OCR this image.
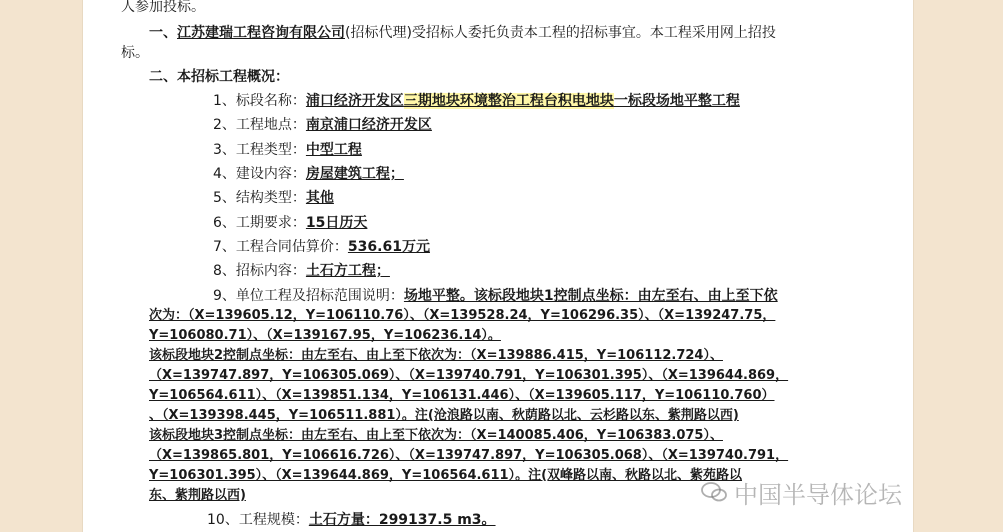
人参加投标。
一、江苏建瑞工程咨询有限公司(招标代理)受招标人委托负责本工程的招标事宜。本工程采用网上招投
标。
二、本招标工程概况：
1、标段名称：浦口经济开发区三期地块环境整治工程台积电地块一标段场地平整工程
2、工程地点：南京浦口经济开发区
3、工程类型：中型工程
4、建设内容：房屋建筑工程；
5、结构类型：其他
6、工期要求：15日历天
7、工程合同估算价：536.61万元
8、招标内容：土石方工程；
9、单位工程及招标范围说明：场地平整。该标段地块1控制点坐标：由左至右、由上至下依
次为：（X=139605.12，Y=106110.76）、（X=139528.24，Y=106296.35）、（X=139247.75，
Y=106080.71）、（X=139167.95，Y=106236.14）。
该标段地块2控制点坐标：由左至右、由上至下依次为：（X=139886.415，Y=106112.724）、
（X=139747.897，Y=106305.069）、（X=139740.791，Y=106301.395）、（X=139644.869，
Y=106564.611）、（X=139851.134，Y=106131.446）、（X=139605.117，Y=106110.760）
、（X=139398.445，Y=106511.881）。注(沧浪路以南、秋荫路以北、云杉路以东、紫荆路以西)
该标段地块3控制点坐标：由左至右、由上至下依次为：（X=140085.406，Y=106383.075）、
（X=139865.801，Y=106616.726）、（X=139747.897，Y=106305.068）、（X=139740.791，
Y=106301.395）、（X=139644.869，Y=106564.611）。注(双峰路以南、秋路以北、紫苑路以
东、紫荆路以西)
10、工程规模：土石方量：299137.5 m3。
中国半导体论坛
